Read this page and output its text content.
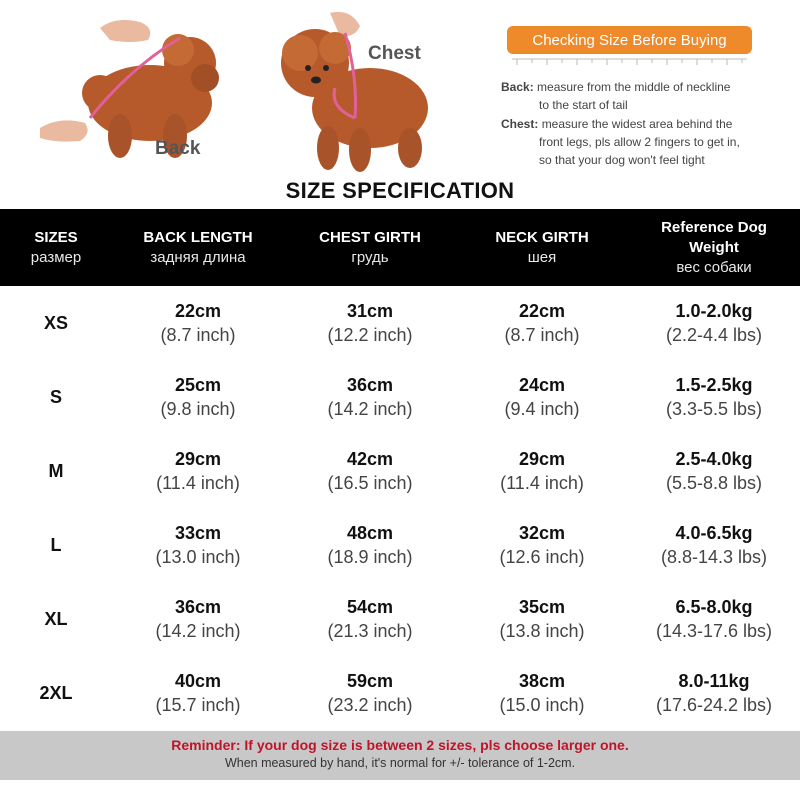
Back
Chest
Checking Size Before Buying
Back: measure from the middle of neckline
to the start of tail
Chest: measure the widest area behind the
front legs, pls allow 2 fingers to get in,
so that your dog won't feel tight
SIZE SPECIFICATION
SIZES
размер
BACK LENGTH
задняя длина
CHEST GIRTH
грудь
NECK GIRTH
шея
Reference Dog Weight
вес собаки
XS
22cm
(8.7 inch)
31cm
(12.2 inch)
22cm
(8.7 inch)
1.0-2.0kg
(2.2-4.4 lbs)
S
25cm
(9.8 inch)
36cm
(14.2 inch)
24cm
(9.4 inch)
1.5-2.5kg
(3.3-5.5 lbs)
M
29cm
(11.4 inch)
42cm
(16.5 inch)
29cm
(11.4 inch)
2.5-4.0kg
(5.5-8.8 lbs)
L
33cm
(13.0 inch)
48cm
(18.9 inch)
32cm
(12.6 inch)
4.0-6.5kg
(8.8-14.3 lbs)
XL
36cm
(14.2 inch)
54cm
(21.3 inch)
35cm
(13.8 inch)
6.5-8.0kg
(14.3-17.6 lbs)
2XL
40cm
(15.7 inch)
59cm
(23.2 inch)
38cm
(15.0 inch)
8.0-11kg
(17.6-24.2 lbs)
Reminder: If your dog size is between 2 sizes, pls choose larger one.
When measured by hand, it's normal for +/- tolerance of 1-2cm.
